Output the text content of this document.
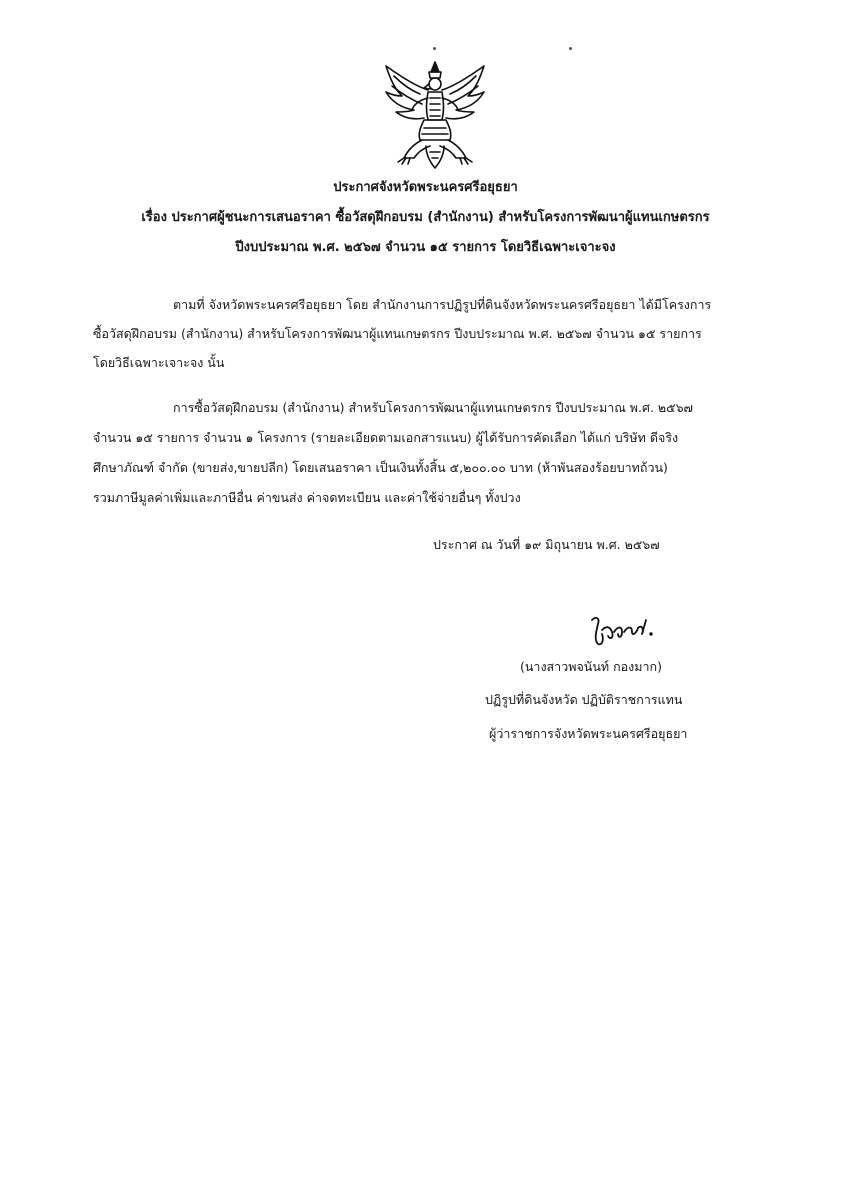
ประกาศจังหวัดพระนครศรีอยุธยา
เรื่อง ประกาศผู้ชนะการเสนอราคา ซื้อวัสดุฝึกอบรม (สำนักงาน) สำหรับโครงการพัฒนาผู้แทนเกษตรกร
ปีงบประมาณ พ.ศ. ๒๕๖๗ จำนวน ๑๕ รายการ โดยวิธีเฉพาะเจาะจง
ตามที่ จังหวัดพระนครศรีอยุธยา โดย สำนักงานการปฏิรูปที่ดินจังหวัดพระนครศรีอยุธยา ได้มีโครงการ
ซื้อวัสดุฝึกอบรม (สำนักงาน) สำหรับโครงการพัฒนาผู้แทนเกษตรกร ปีงบประมาณ พ.ศ. ๒๕๖๗ จำนวน ๑๕ รายการ
โดยวิธีเฉพาะเจาะจง นั้น
การซื้อวัสดุฝึกอบรม (สำนักงาน) สำหรับโครงการพัฒนาผู้แทนเกษตรกร ปีงบประมาณ พ.ศ. ๒๕๖๗
จำนวน ๑๕ รายการ จำนวน ๑ โครงการ (รายละเอียดตามเอกสารแนบ) ผู้ได้รับการคัดเลือก ได้แก่ บริษัท ดีจริง
ศึกษาภัณฑ์ จำกัด (ขายส่ง,ขายปลีก) โดยเสนอราคา เป็นเงินทั้งสิ้น ๕,๒๐๐.๐๐ บาท (ห้าพันสองร้อยบาทถ้วน)
รวมภาษีมูลค่าเพิ่มและภาษีอื่น ค่าขนส่ง ค่าจดทะเบียน และค่าใช้จ่ายอื่นๆ ทั้งปวง
ประกาศ ณ วันที่ ๑๙ มิถุนายน พ.ศ. ๒๕๖๗
(นางสาวพจนันท์ กองมาก)
ปฏิรูปที่ดินจังหวัด ปฏิบัติราชการแทน
ผู้ว่าราชการจังหวัดพระนครศรีอยุธยา
